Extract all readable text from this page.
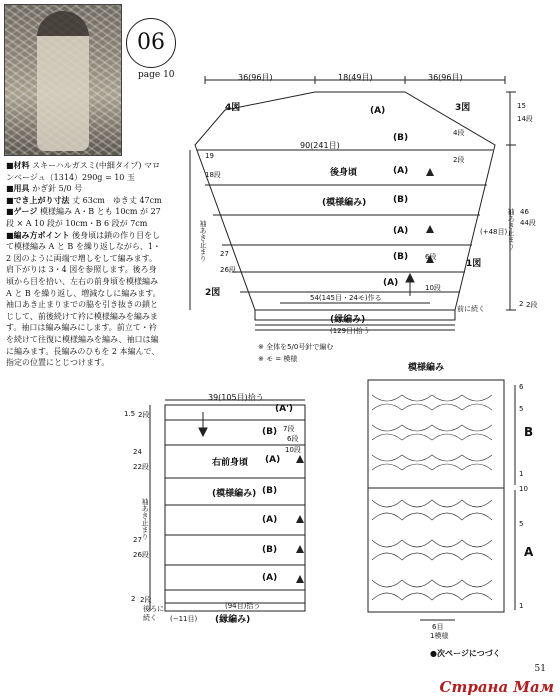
06
page 10

■材料 スキーハルガスミ(中細タイプ) マロンベージュ（1314）290g = 10 玉

■用具 かぎ針 5/0 号

■でき上がり寸法 丈 63cm　ゆき丈 47cm

■ゲージ 模様編み A・B とも 10cm が 27 段 × A 10 段が 10cm・B 6 段が 7cm

■編み方ポイント 後身頃は鎖の作り目をして模様編み A と B を繰り返しながら、1・2 図のように両端で増しをして編みます。肩下がりは 3・4 図を参照します。後ろ身頃から目を拾い、左右の前身頃を模様編み A と B を繰り返し、増減なしに編みます。袖口あき止まりまでの脇を引き抜きの鎖とじして、前後続けて衿に模様編みを編みます。袖口は編み編みにします。前立て・衿を続けて往復に模様編みを編み、袖口は編に編みます。長編みのひもを 2 本編んで、指定の位置にとじつけます。

36(96目)	18(49目)	36(96目)
4図	3図
2図
1図
15
14段
90(241目)
(A)
(B)
後身頃	(A)
(模様編み)	(B)
(A)
(B)
(A)
19
18段
27
26段
袖あき止まり
46
44段
(+48目) 袖あき止まり
4段
2段
6段
10段
54(145目・24モ)作る
前に続く
(縁編み)
(129目)拾う
2 2段
※ 全体を5/0号針で編む
※ モ = 模様
39(105目)拾う
(A')
1.5 2段
24
22段
27
26段
2 2段
(B)
右前身頃 (A)
(模様編み) (B)
(A)
(B)
(A)
7段
10段
6段
袖あき止まり
(縁編み)
(94目)拾う
(−11目)
後ろに続く
模様編み
B
A
6
5
1
10
5
1
6目
1模様
●次ページにつづく
51
Страна Мам
